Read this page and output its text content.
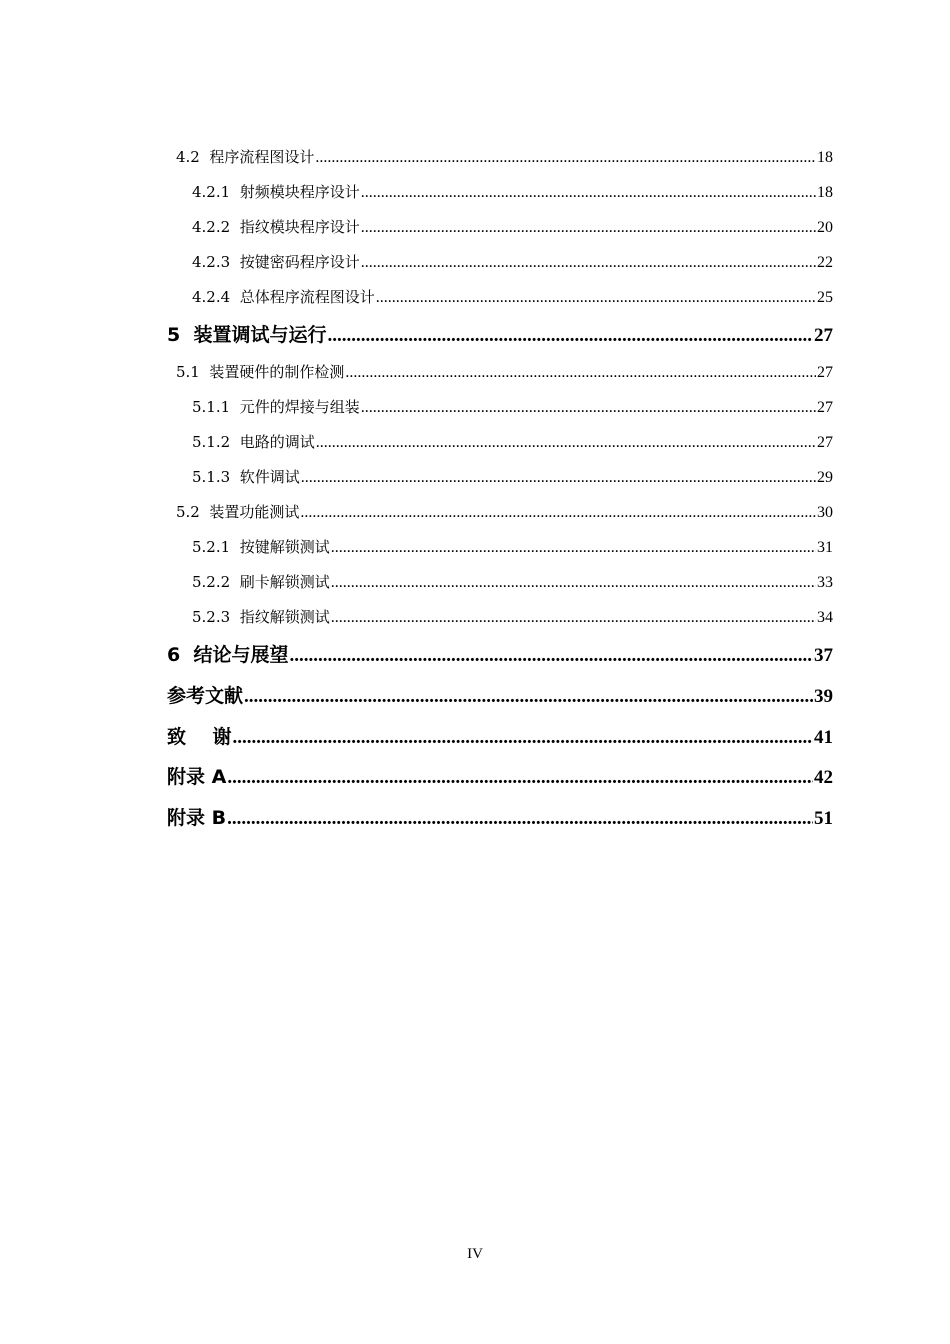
4.2  程序流程图设计 .....	18
4.2.1  射频模块程序设计 .....	18
4.2.2  指纹模块程序设计 .....	20
4.2.3  按键密码程序设计 .....	22
4.2.4  总体程序流程图设计 .....	25
5  装置调试与运行 .....	27
5.1  装置硬件的制作检测 .....	27
5.1.1  元件的焊接与组装 .....	27
5.1.2  电路的调试 .....	27
5.1.3  软件调试 .....	29
5.2  装置功能测试 .....	30
5.2.1  按键解锁测试 .....	31
5.2.2  刷卡解锁测试 .....	33
5.2.3  指纹解锁测试 .....	34
6  结论与展望 .....	37
参考文献 .....	39
致    谢 .....	41
附录 A .....	42
附录 B .....	51
IV
